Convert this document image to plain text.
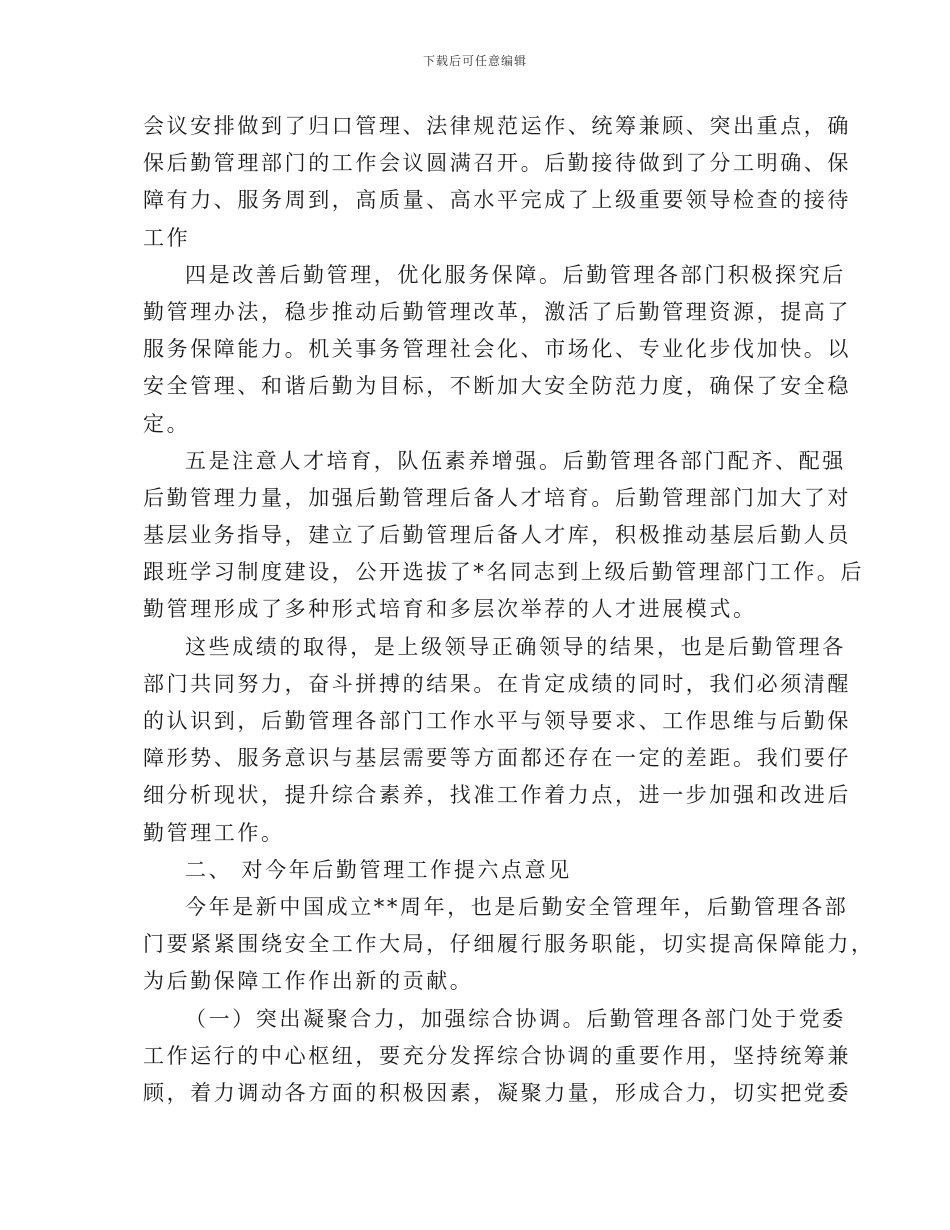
下载后可任意编辑
会议安排做到了归口管理、法律规范运作、统筹兼顾、突出重点，确
保后勤管理部门的工作会议圆满召开。后勤接待做到了分工明确、保
障有力、服务周到，高质量、高水平完成了上级重要领导检查的接待
工作
四是改善后勤管理，优化服务保障。后勤管理各部门积极探究后
勤管理办法，稳步推动后勤管理改革，激活了后勤管理资源，提高了
服务保障能力。机关事务管理社会化、市场化、专业化步伐加快。以
安全管理、和谐后勤为目标，不断加大安全防范力度，确保了安全稳
定。
五是注意人才培育，队伍素养增强。后勤管理各部门配齐、配强
后勤管理力量，加强后勤管理后备人才培育。后勤管理部门加大了对
基层业务指导，建立了后勤管理后备人才库，积极推动基层后勤人员
跟班学习制度建设，公开选拔了*名同志到上级后勤管理部门工作。后
勤管理形成了多种形式培育和多层次举荐的人才进展模式。
这些成绩的取得，是上级领导正确领导的结果，也是后勤管理各
部门共同努力，奋斗拼搏的结果。在肯定成绩的同时，我们必须清醒
的认识到，后勤管理各部门工作水平与领导要求、工作思维与后勤保
障形势、服务意识与基层需要等方面都还存在一定的差距。我们要仔
细分析现状，提升综合素养，找准工作着力点，进一步加强和改进后
勤管理工作。
二、 对今年后勤管理工作提六点意见
今年是新中国成立**周年，也是后勤安全管理年，后勤管理各部
门要紧紧围绕安全工作大局，仔细履行服务职能，切实提高保障能力，
为后勤保障工作作出新的贡献。
（一）突出凝聚合力，加强综合协调。后勤管理各部门处于党委
工作运行的中心枢纽，要充分发挥综合协调的重要作用，坚持统筹兼
顾，着力调动各方面的积极因素，凝聚力量，形成合力，切实把党委
